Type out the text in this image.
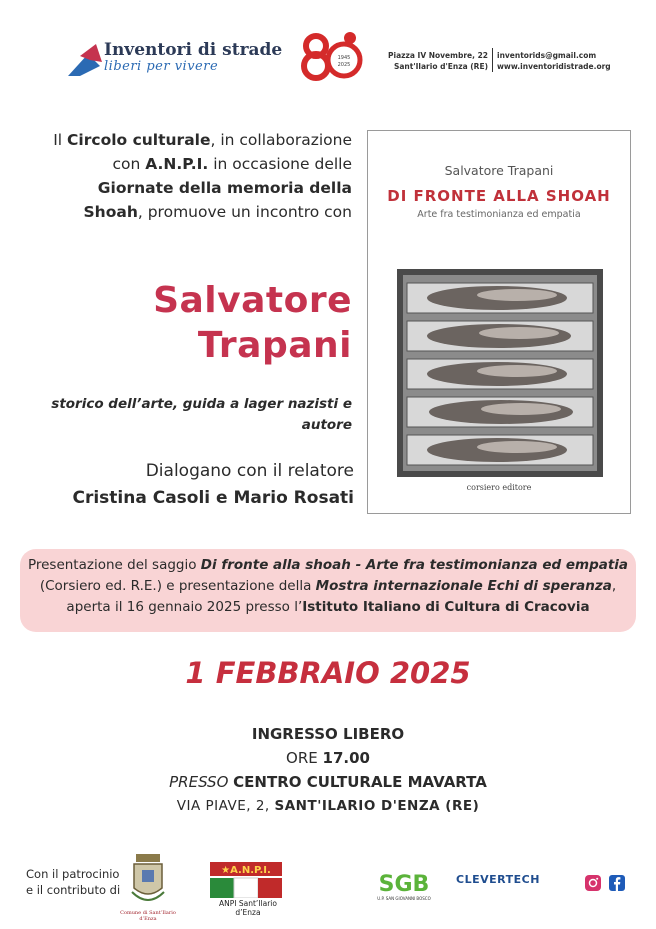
Inventori di strade
liberi per vivere
1945
2025
Piazza IV Novembre, 22
Sant'Ilario d'Enza (RE)
inventorids@gmail.com
www.inventoridistrade.org
Il Circolo culturale, in collaborazione con A.N.P.I. in occasione delle Giornate della memoria della Shoah, promuove un incontro con
Salvatore
Trapani
storico dell’arte, guida a lager nazisti e autore
Dialogano con il relatore
Cristina Casoli e Mario Rosati
Salvatore Trapani
DI FRONTE ALLA SHOAH
Arte fra testimonianza ed empatia
corsiero editore
Presentazione del saggio Di fronte alla shoah - Arte fra testimonianza ed empatia
(Corsiero ed. R.E.) e presentazione della Mostra internazionale Echi di speranza,
aperta il 16 gennaio 2025 presso l’Istituto Italiano di Cultura di Cracovia
1 FEBBRAIO 2025
INGRESSO LIBERO
ORE 17.00
PRESSO CENTRO CULTURALE MAVARTA
VIA PIAVE, 2, SANT'ILARIO D'ENZA (RE)
Con il patrocinio
e il contributo di
Comune di Sant’Ilario d’Enza
★A.N.P.I.
ANPI Sant’Ilario d’Enza
SGB
U.P. SAN GIOVANNI BOSCO
CLEVERTECH
